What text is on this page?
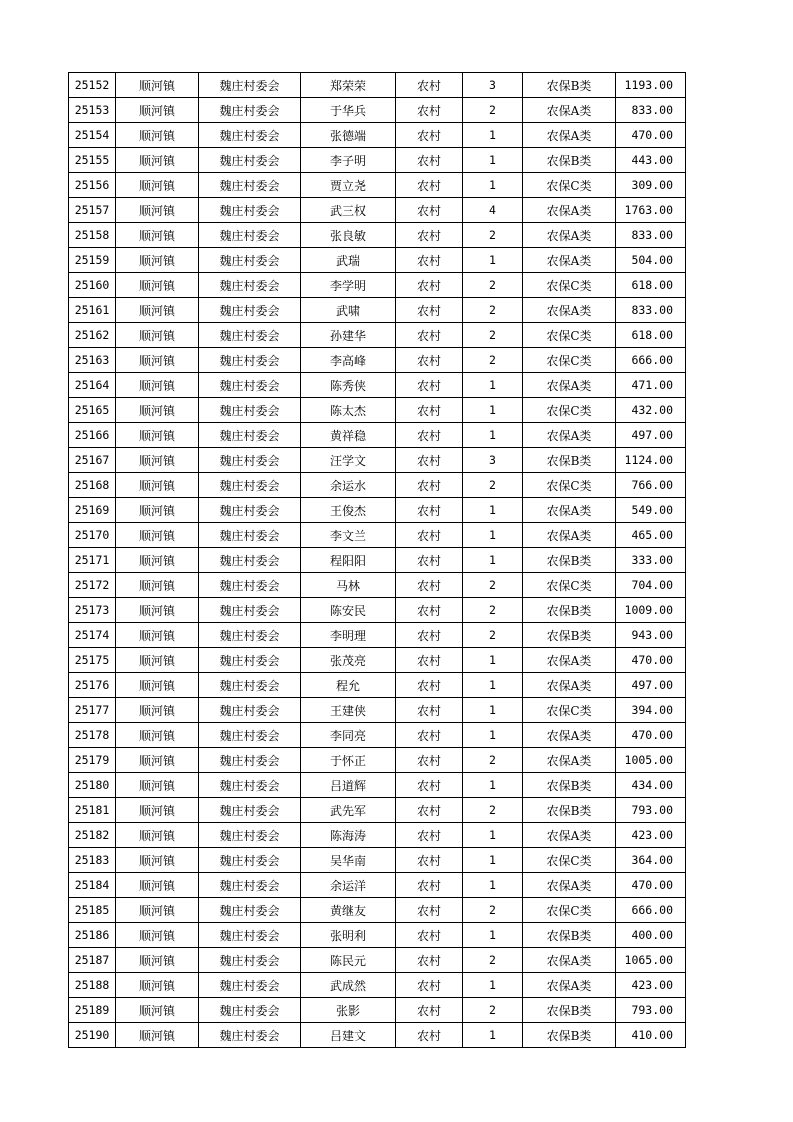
25152	顺河镇	魏庄村委会	郑荣荣	农村	3	农保B类	1193.00
25153	顺河镇	魏庄村委会	于华兵	农村	2	农保A类	833.00
25154	顺河镇	魏庄村委会	张德端	农村	1	农保A类	470.00
25155	顺河镇	魏庄村委会	李子明	农村	1	农保B类	443.00
25156	顺河镇	魏庄村委会	贾立尧	农村	1	农保C类	309.00
25157	顺河镇	魏庄村委会	武三权	农村	4	农保A类	1763.00
25158	顺河镇	魏庄村委会	张良敏	农村	2	农保A类	833.00
25159	顺河镇	魏庄村委会	武瑞	农村	1	农保A类	504.00
25160	顺河镇	魏庄村委会	李学明	农村	2	农保C类	618.00
25161	顺河镇	魏庄村委会	武啸	农村	2	农保A类	833.00
25162	顺河镇	魏庄村委会	孙建华	农村	2	农保C类	618.00
25163	顺河镇	魏庄村委会	李高峰	农村	2	农保C类	666.00
25164	顺河镇	魏庄村委会	陈秀侠	农村	1	农保A类	471.00
25165	顺河镇	魏庄村委会	陈太杰	农村	1	农保C类	432.00
25166	顺河镇	魏庄村委会	黄祥稳	农村	1	农保A类	497.00
25167	顺河镇	魏庄村委会	汪学文	农村	3	农保B类	1124.00
25168	顺河镇	魏庄村委会	余运水	农村	2	农保C类	766.00
25169	顺河镇	魏庄村委会	王俊杰	农村	1	农保A类	549.00
25170	顺河镇	魏庄村委会	李文兰	农村	1	农保A类	465.00
25171	顺河镇	魏庄村委会	程阳阳	农村	1	农保B类	333.00
25172	顺河镇	魏庄村委会	马林	农村	2	农保C类	704.00
25173	顺河镇	魏庄村委会	陈安民	农村	2	农保B类	1009.00
25174	顺河镇	魏庄村委会	李明理	农村	2	农保B类	943.00
25175	顺河镇	魏庄村委会	张茂亮	农村	1	农保A类	470.00
25176	顺河镇	魏庄村委会	程允	农村	1	农保A类	497.00
25177	顺河镇	魏庄村委会	王建侠	农村	1	农保C类	394.00
25178	顺河镇	魏庄村委会	李同亮	农村	1	农保A类	470.00
25179	顺河镇	魏庄村委会	于怀正	农村	2	农保A类	1005.00
25180	顺河镇	魏庄村委会	吕道辉	农村	1	农保B类	434.00
25181	顺河镇	魏庄村委会	武先军	农村	2	农保B类	793.00
25182	顺河镇	魏庄村委会	陈海涛	农村	1	农保A类	423.00
25183	顺河镇	魏庄村委会	吴华南	农村	1	农保C类	364.00
25184	顺河镇	魏庄村委会	余运洋	农村	1	农保A类	470.00
25185	顺河镇	魏庄村委会	黄继友	农村	2	农保C类	666.00
25186	顺河镇	魏庄村委会	张明利	农村	1	农保B类	400.00
25187	顺河镇	魏庄村委会	陈民元	农村	2	农保A类	1065.00
25188	顺河镇	魏庄村委会	武成然	农村	1	农保A类	423.00
25189	顺河镇	魏庄村委会	张影	农村	2	农保B类	793.00
25190	顺河镇	魏庄村委会	吕建文	农村	1	农保B类	410.00
